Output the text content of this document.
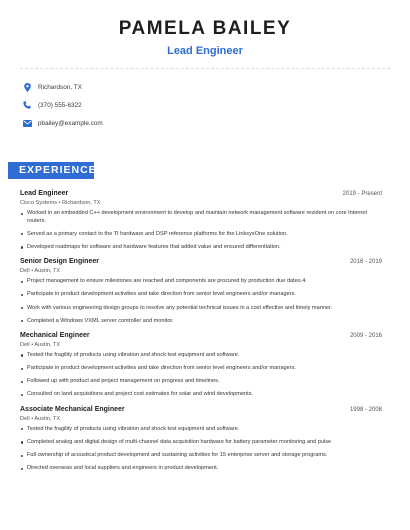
PAMELA BAILEY
Lead Engineer
Richardson, TX
(370) 555-6322
pbailey@example.com
EXPERIENCE
Lead Engineer	2019 - Present
Cisco Systems • Richardson, TX
Worked in an embedded C++ development environment to develop and maintain network management software resident on core Internet routers.
Served as a primary contact to the TI hardware and DSP reference platforms for the LinksysOne solution.
Developed roadmaps for software and hardware features that added value and ensured differentiation.
Senior Design Engineer	2016 - 2019
Dell • Austin, TX
Project management to ensure milestones are reached and components are procured by production due dates.4.
Participate in product development activities and take direction from senior level engineers and/or managers.
Work with various engineering design groups to resolve any potential technical issues in a cost effective and timely manner.
Completed a Windows VXML server controller and monitor.
Mechanical Engineer	2009 - 2016
Dell • Austin, TX
Tested the fragility of products using vibration and shock test equipment and software.
Participate in product development activities and take direction from senior level engineers and/or managers.
Followed up with product and project management on progress and timelines.
Consulted on land acquisitions and project cost estimates for solar and wind developments.
Associate Mechanical Engineer	1998 - 2008
Dell • Austin, TX
Tested the fragility of products using vibration and shock test equipment and software.
Completed analog and digital design of multi-channel data acquisition hardware for battery parameter monitoring and pulse
Full ownership of acoustical product development and sustaining activities for 15 enterprise server and storage programs.
Directed overseas and local suppliers and engineers in product development.
